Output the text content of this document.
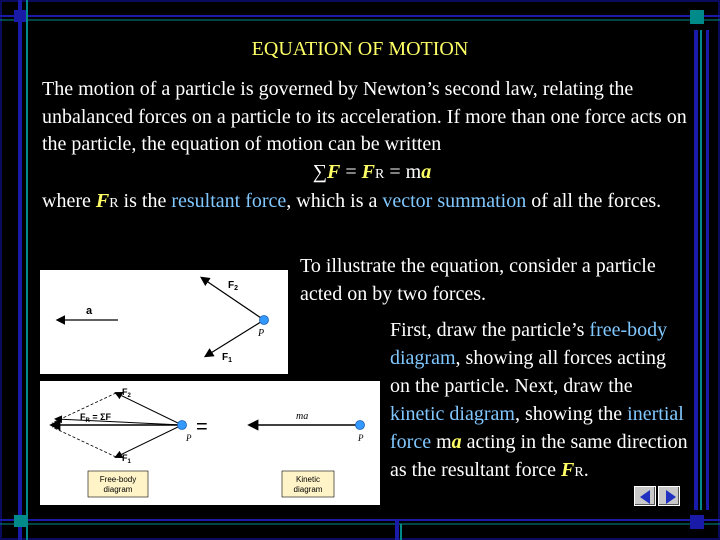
EQUATION OF MOTION

The motion of a particle is governed by Newton’s second law, relating the unbalanced forces on a particle to its acceleration. If more than one force acts on the particle, the equation of motion can be written

∑F = FR = ma

where FR is the resultant force, which is a vector summation of all the forces.

a
$F_2$
$F_1$
P
$F_2$
$F_1$
$F_R = \Sigma F$
P =	ma
P
Free-body
diagram
Kinetic
diagram

To illustrate the equation, consider a particle acted on by two forces.

First, draw the particle’s free-body diagram, showing all forces acting on the particle. Next, draw the kinetic diagram, showing the inertial force ma acting in the same direction as the resultant force FR.
